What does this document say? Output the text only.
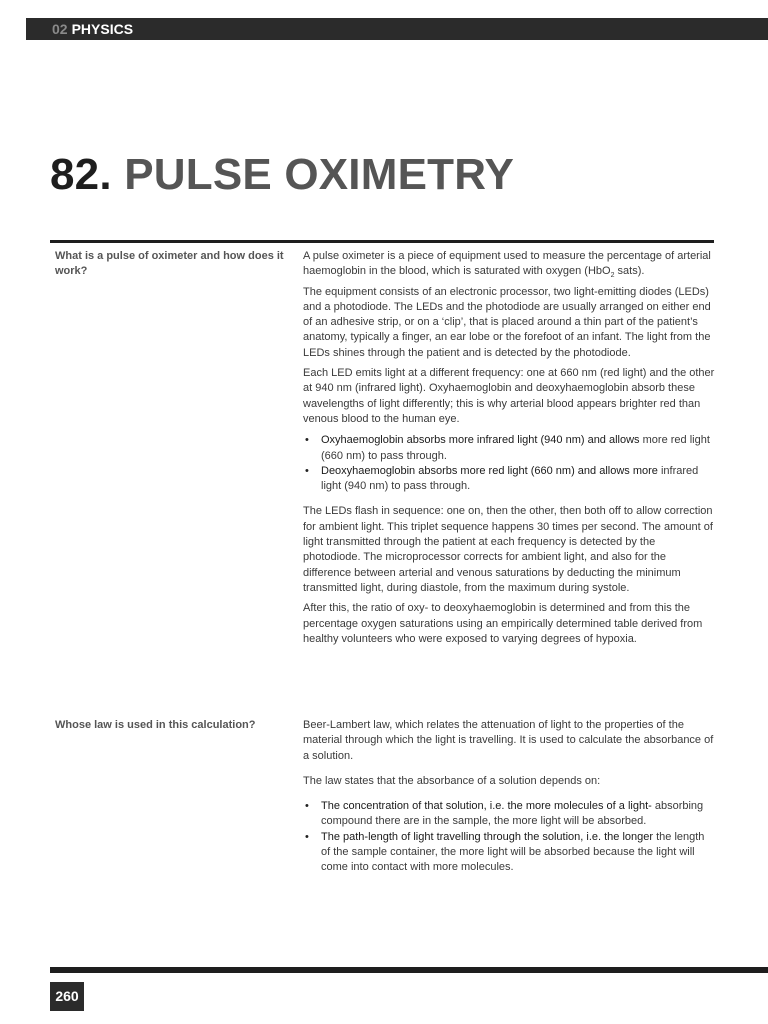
02 PHYSICS
82. PULSE OXIMETRY
What is a pulse of oximeter and how does it work?

A pulse oximeter is a piece of equipment used to measure the percentage of arterial haemoglobin in the blood, which is saturated with oxygen (HbO$_2$ sats).

The equipment consists of an electronic processor, two light-emitting diodes (LEDs) and a photodiode. The LEDs and the photodiode are usually arranged on either end of an adhesive strip, or on a ‘clip’, that is placed around a thin part of the patient’s anatomy, typically a finger, an ear lobe or the forefoot of an infant. The light from the LEDs shines through the patient and is detected by the photodiode.

Each LED emits light at a different frequency: one at 660 nm (red light) and the other at 940 nm (infrared light). Oxyhaemoglobin and deoxyhaemoglobin absorb these wavelengths of light differently; this is why arterial blood appears brighter red than venous blood to the human eye.

• Oxyhaemoglobin absorbs more infrared light (940 nm) and allows more red light (660 nm) to pass through.
• Deoxyhaemoglobin absorbs more red light (660 nm) and allows more infrared light (940 nm) to pass through.

The LEDs flash in sequence: one on, then the other, then both off to allow correction for ambient light. This triplet sequence happens 30 times per second. The amount of light transmitted through the patient at each frequency is detected by the photodiode. The microprocessor corrects for ambient light, and also for the difference between arterial and venous saturations by deducting the minimum transmitted light, during diastole, from the maximum during systole.

After this, the ratio of oxy- to deoxyhaemoglobin is determined and from this the percentage oxygen saturations using an empirically determined table derived from healthy volunteers who were exposed to varying degrees of hypoxia.

Whose law is used in this calculation?	Beer-Lambert law, which relates the attenuation of light to the properties of the material through which the light is travelling. It is used to calculate the absorbance of a solution.

The law states that the absorbance of a solution depends on:

• The concentration of that solution, i.e. the more molecules of a light- absorbing compound there are in the sample, the more light will be absorbed.
• The path-length of light travelling through the solution, i.e. the longer the length of the sample container, the more light will be absorbed because the light will come into contact with more molecules.
260
